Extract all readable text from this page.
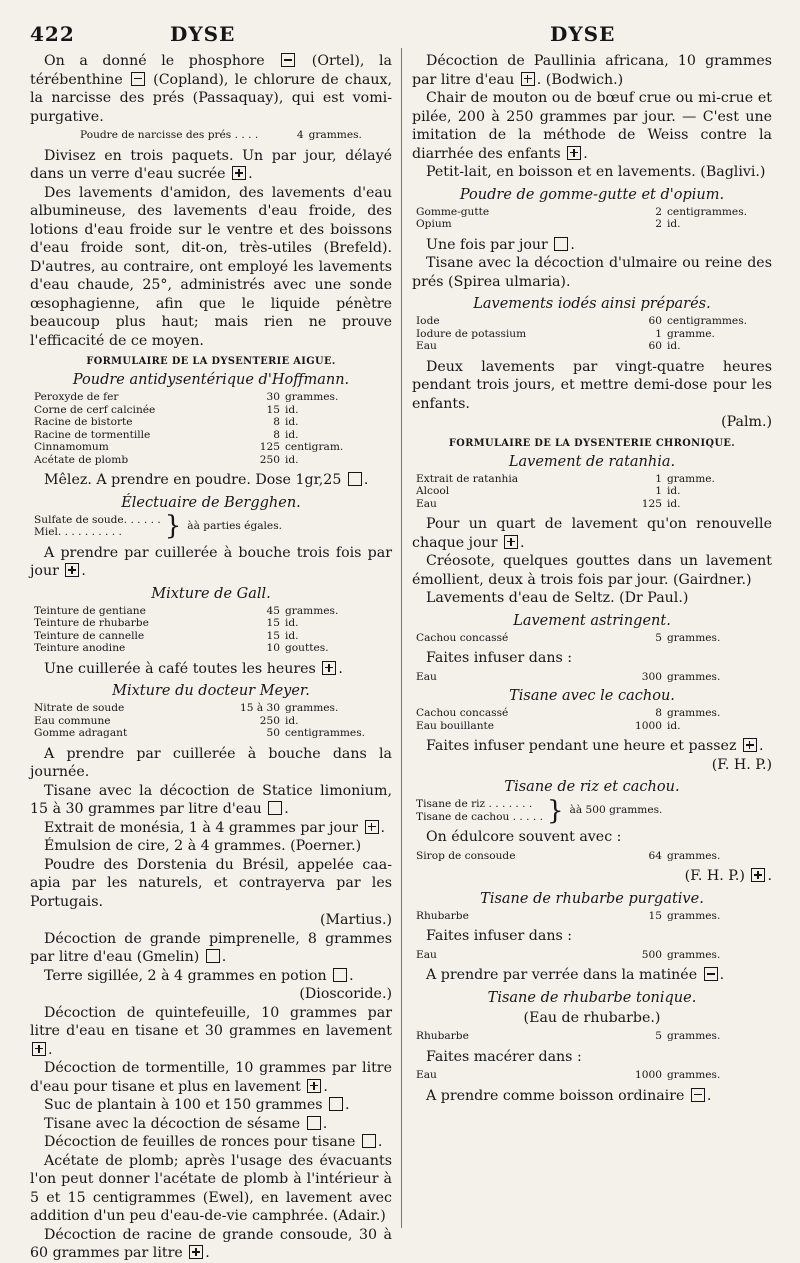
422	DYSE	DYSE

On a donné le phosphore  (Ortel), la térébenthine  (Copland), le chlorure de chaux, la narcisse des prés (Passaquay), qui est vomi-purgative.

Poudre de narcisse des prés . . . .	4 grammes.

Divisez en trois paquets. Un par jour, délayé dans un verre d'eau sucrée .

Des lavements d'amidon, des lavements d'eau albumineuse, des lavements d'eau froide, des lotions d'eau froide sur le ventre et des boissons d'eau froide sont, dit-on, très-utiles (Brefeld). D'autres, au contraire, ont employé les lavements d'eau chaude, 25°, administrés avec une sonde œsophagienne, afin que le liquide pénètre beaucoup plus haut; mais rien ne prouve l'efficacité de ce moyen.

FORMULAIRE DE LA DYSENTERIE AIGUE.
Poudre antidysentérique d'Hoffmann.
Peroxyde de fer	30	grammes.
Corne de cerf calcinée	15	id.
Racine de bistorte	8	id.
Racine de tormentille	8	id.
Cinnamomum	125	centigram.
Acétate de plomb	250	id.

Mêlez. A prendre en poudre. Dose 1gr,25 .

Électuaire de Bergghen.
Sulfate de soude. . . . . .
Miel. . . . . . . . . .	} àà parties égales.

A prendre par cuillerée à bouche trois fois par jour .

Mixture de Gall.
Teinture de gentiane	45	grammes.
Teinture de rhubarbe	15	id.
Teinture de cannelle	15	id.
Teinture anodine	10	gouttes.

Une cuillerée à café toutes les heures .

Mixture du docteur Meyer.
Nitrate de soude	15 à 30	grammes.
Eau commune	250	id.
Gomme adragant	50	centigrammes.

A prendre par cuillerée à bouche dans la journée.

Tisane avec la décoction de Statice limonium, 15 à 30 grammes par litre d'eau .

Extrait de monésia, 1 à 4 grammes par jour .

Émulsion de cire, 2 à 4 grammes. (Poerner.)

Poudre des Dorstenia du Brésil, appelée caa-apia par les naturels, et contrayerva par les Portugais.

(Martius.)

Décoction de grande pimprenelle, 8 grammes par litre d'eau (Gmelin) .

Terre sigillée, 2 à 4 grammes en potion .

(Dioscoride.)

Décoction de quintefeuille, 10 grammes par litre d'eau en tisane et 30 grammes en lavement .

Décoction de tormentille, 10 grammes par litre d'eau pour tisane et plus en lavement .

Suc de plantain à 100 et 150 grammes .

Tisane avec la décoction de sésame .

Décoction de feuilles de ronces pour tisane .

Acétate de plomb; après l'usage des évacuants l'on peut donner l'acétate de plomb à l'intérieur à 5 et 15 centigrammes (Ewel), en lavement avec addition d'un peu d'eau-de-vie camphrée. (Adair.)

Décoction de racine de grande consoude, 30 à 60 grammes par litre .

Décoction de Paullinia africana, 10 grammes par litre d'eau . (Bodwich.)

Chair de mouton ou de bœuf crue ou mi-crue et pilée, 200 à 250 grammes par jour. — C'est une imitation de la méthode de Weiss contre la diarrhée des enfants .

Petit-lait, en boisson et en lavements. (Baglivi.)

Poudre de gomme-gutte et d'opium.
Gomme-gutte	2	centigrammes.
Opium	2	id.

Une fois par jour .

Tisane avec la décoction d'ulmaire ou reine des prés (Spirea ulmaria).

Lavements iodés ainsi préparés.
Iode	60	centigrammes.
Iodure de potassium	1	gramme.
Eau	60	id.

Deux lavements par vingt-quatre heures pendant trois jours, et mettre demi-dose pour les enfants.

(Palm.)

FORMULAIRE DE LA DYSENTERIE CHRONIQUE.
Lavement de ratanhia.
Extrait de ratanhia	1	gramme.
Alcool	1	id.
Eau	125	id.

Pour un quart de lavement qu'on renouvelle chaque jour .

Créosote, quelques gouttes dans un lavement émollient, deux à trois fois par jour. (Gairdner.)

Lavements d'eau de Seltz. (Dr Paul.)

Lavement astringent.
Cachou concassé	5	grammes.

Faites infuser dans :

Eau	300	grammes.
Tisane avec le cachou.
Cachou concassé	8	grammes.
Eau bouillante	1000	id.

Faites infuser pendant une heure et passez .

(F. H. P.)

Tisane de riz et cachou.
Tisane de riz . . . . . . .
Tisane de cachou . . . . . } àà 500 grammes.

On édulcore souvent avec :

Sirop de consoude	64	grammes.

(F. H. P.) .

Tisane de rhubarbe purgative.
Rhubarbe	15	grammes.

Faites infuser dans :

Eau	500	grammes.

A prendre par verrée dans la matinée .

Tisane de rhubarbe tonique.

(Eau de rhubarbe.)

Rhubarbe	5	grammes.

Faites macérer dans :

Eau	1000	grammes.

A prendre comme boisson ordinaire .
